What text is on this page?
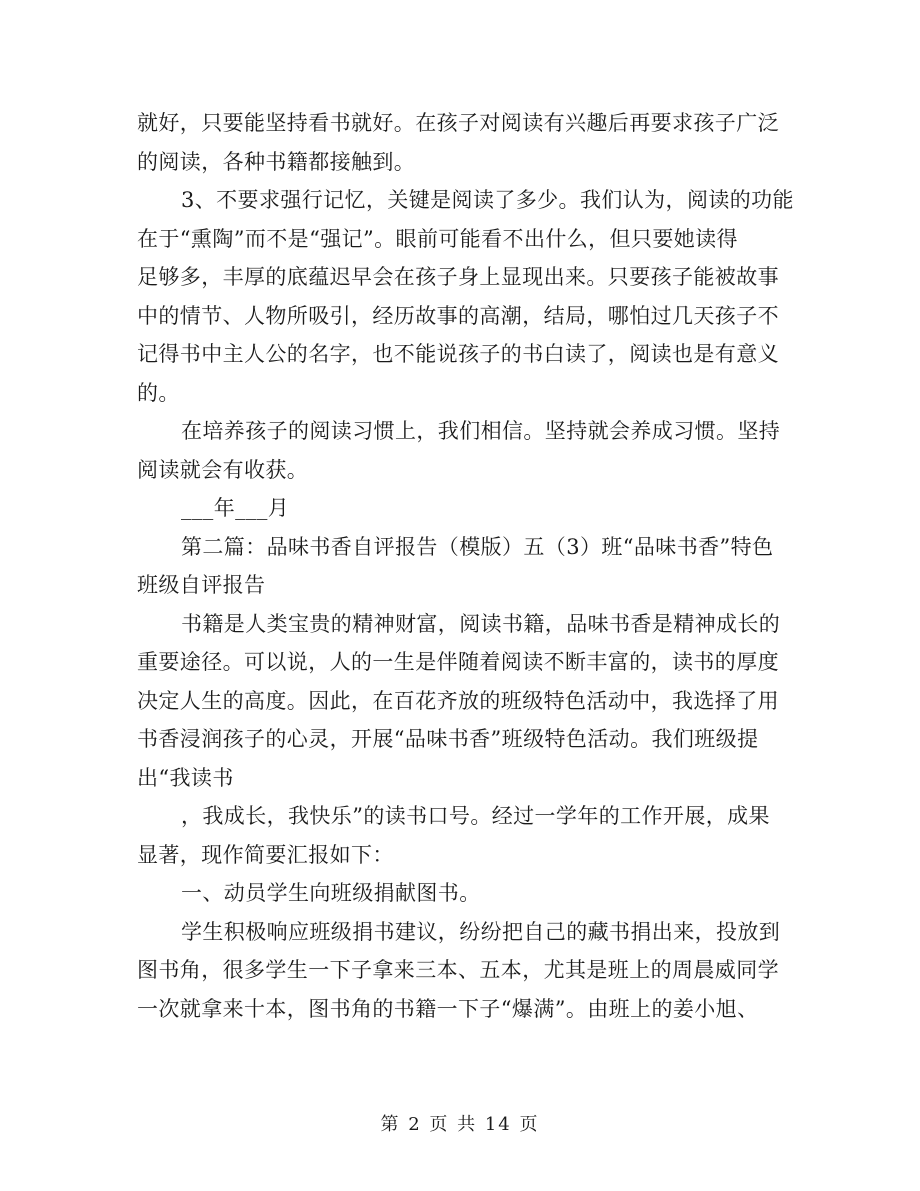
就好，只要能坚持看书就好。在孩子对阅读有兴趣后再要求孩子广泛
的阅读，各种书籍都接触到。
3、不要求强行记忆，关键是阅读了多少。我们认为，阅读的功能
在于“熏陶”而不是“强记”。眼前可能看不出什么，但只要她读得
足够多，丰厚的底蕴迟早会在孩子身上显现出来。只要孩子能被故事
中的情节、人物所吸引，经历故事的高潮，结局，哪怕过几天孩子不
记得书中主人公的名字，也不能说孩子的书白读了，阅读也是有意义
的。
在培养孩子的阅读习惯上，我们相信。坚持就会养成习惯。坚持
阅读就会有收获。
___年___月
第二篇：品味书香自评报告（模版）五（3）班“品味书香”特色
班级自评报告
书籍是人类宝贵的精神财富，阅读书籍，品味书香是精神成长的
重要途径。可以说，人的一生是伴随着阅读不断丰富的，读书的厚度
决定人生的高度。因此，在百花齐放的班级特色活动中，我选择了用
书香浸润孩子的心灵，开展“品味书香”班级特色活动。我们班级提
出“我读书
，我成长，我快乐”的读书口号。经过一学年的工作开展，成果
显著，现作简要汇报如下：
一、动员学生向班级捐献图书。
学生积极响应班级捐书建议，纷纷把自己的藏书捐出来，投放到
图书角，很多学生一下子拿来三本、五本，尤其是班上的周晨威同学
一次就拿来十本，图书角的书籍一下子“爆满”。由班上的姜小旭、
第 2 页 共 14 页
